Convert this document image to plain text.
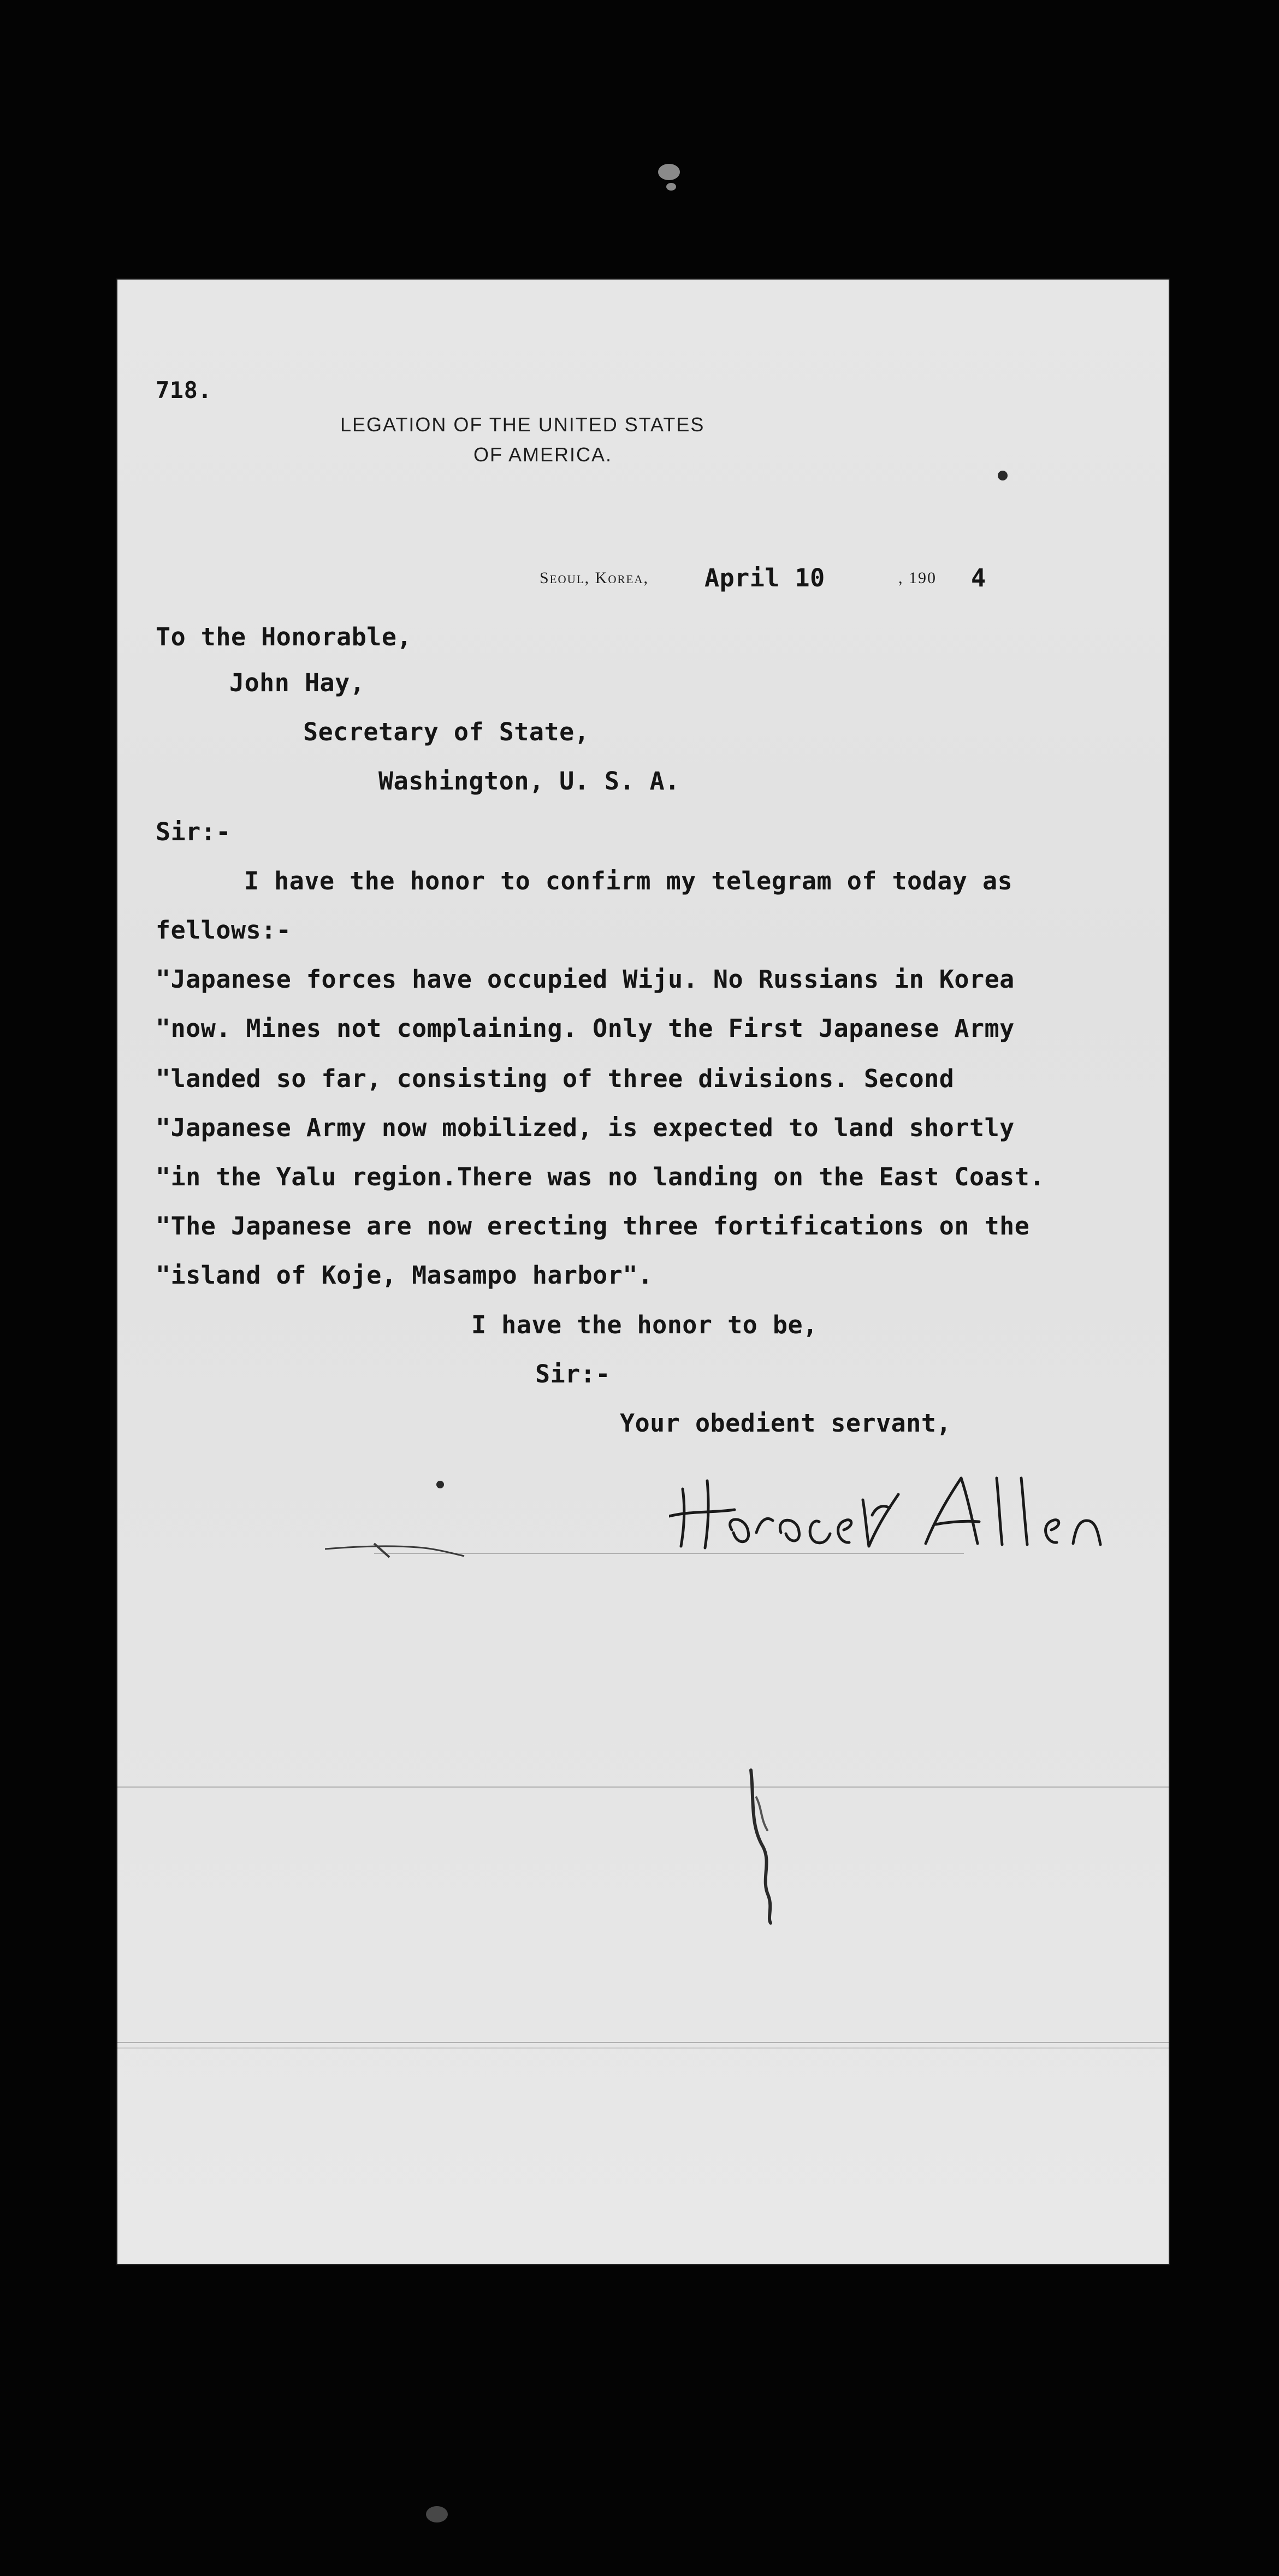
718.
LEGATION OF THE UNITED STATES
OF AMERICA.
Seoul, Korea, April 10	, 190 4
To the Honorable,
John Hay,
Secretary of State,
Washington, U. S. A.
Sir:-
I have the honor to confirm my telegram of today as
fellows:-
"Japanese forces have occupied Wiju. No Russians in Korea
"now. Mines not complaining. Only the First Japanese Army
"landed so far, consisting of three divisions. Second
"Japanese Army now mobilized, is expected to land shortly
"in the Yalu region.There was no landing on the East Coast.
"The Japanese are now erecting three fortifications on the
"island of Koje, Masampo harbor".
I have the honor to be,
Sir:-
Your obedient servant,
